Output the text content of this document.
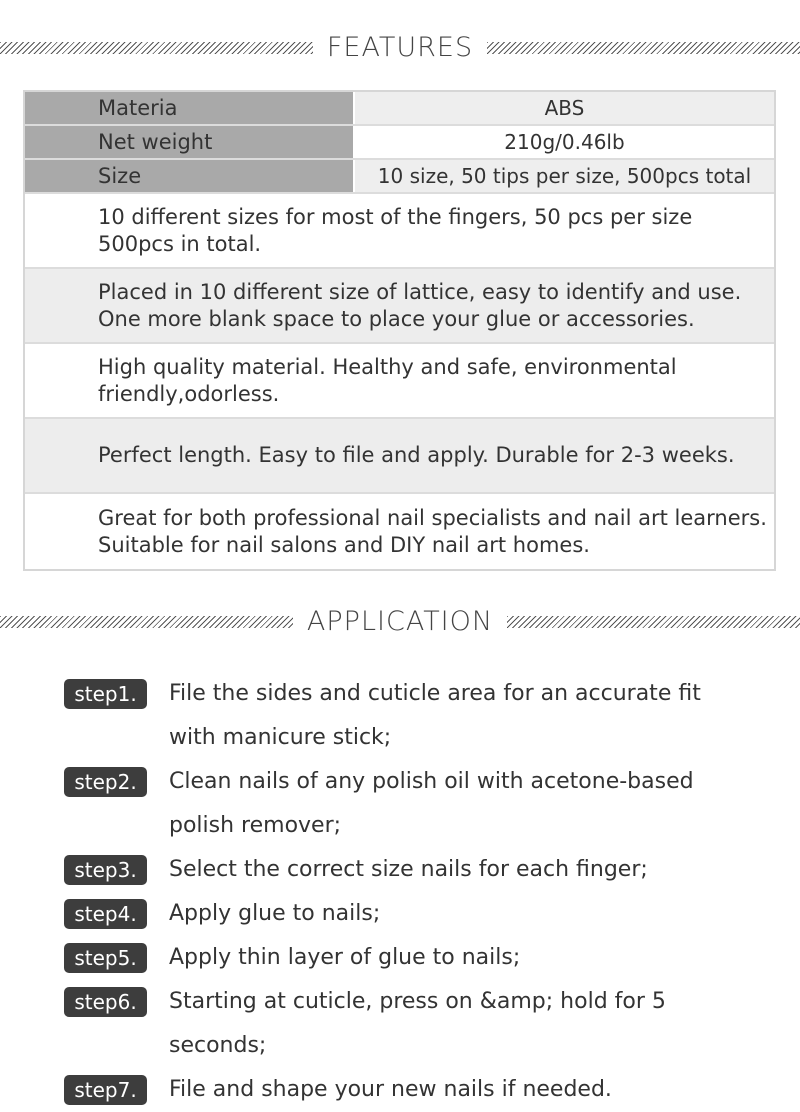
FEATURES
Materia	ABS
Net weight	210g/0.46lb
Size	10 size, 50 tips per size, 500pcs total
10 different sizes for most of the fingers, 50 pcs per size 500pcs in total.
Placed in 10 different size of lattice, easy to identify and use. One more blank space to place your glue or accessories.
High quality material. Healthy and safe, environmental friendly,odorless.
Perfect length. Easy to file and apply. Durable for 2-3 weeks.
Great for both professional nail specialists and nail art learners. Suitable for nail salons and DIY nail art homes.
APPLICATION
step1.	File the sides and cuticle area for an accurate fit with manicure stick;
step2.	Clean nails of any polish oil with acetone-based polish remover;
step3.	Select the correct size nails for each finger;
step4.	Apply glue to nails;
step5.	Apply thin layer of glue to nails;
step6.	Starting at cuticle, press on &amp; hold for 5 seconds;
step7.	File and shape your new nails if needed.
